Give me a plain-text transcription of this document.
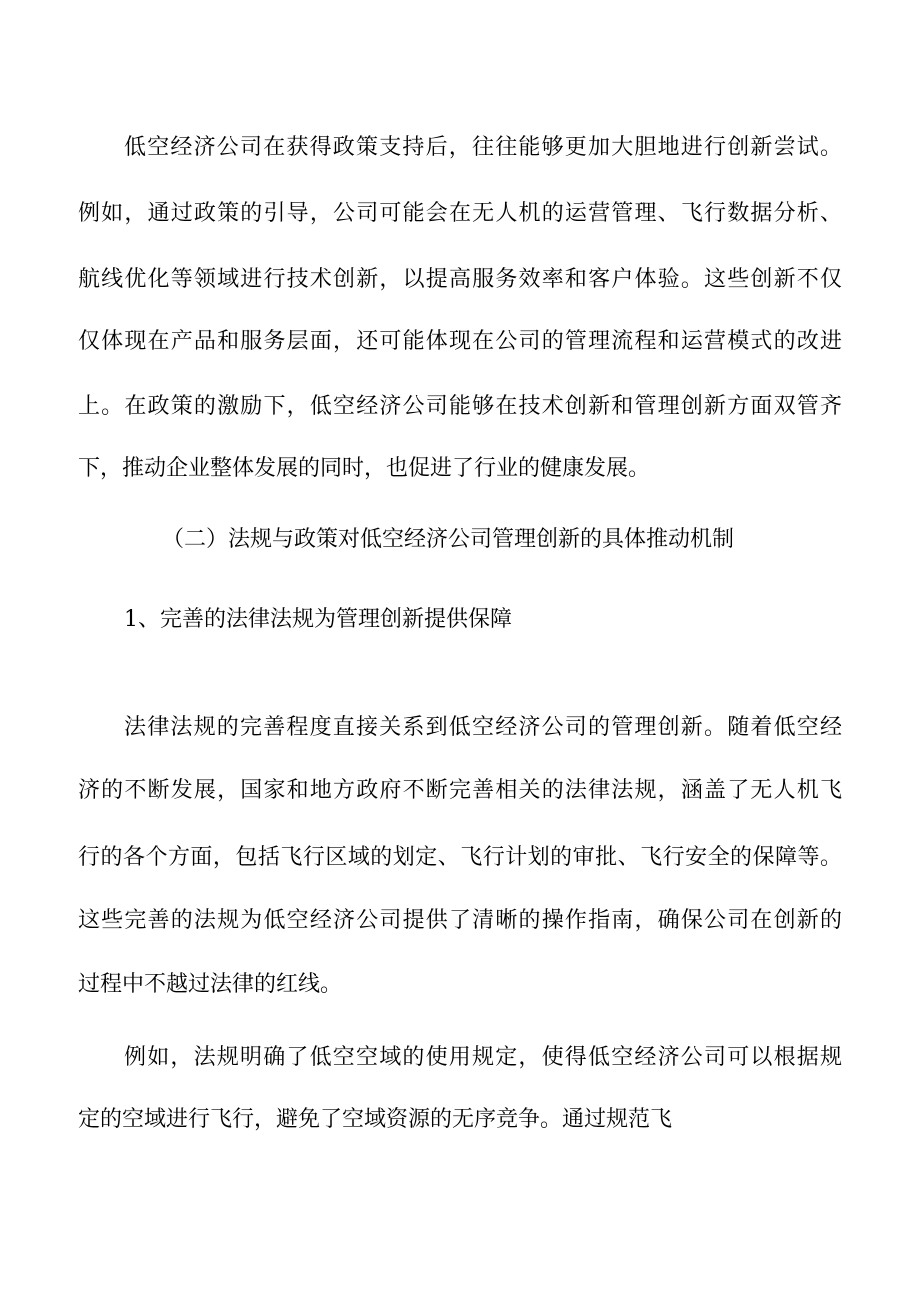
低空经济公司在获得政策支持后，往往能够更加大胆地进行创新尝试。
例如，通过政策的引导，公司可能会在无人机的运营管理、飞行数据分析、
航线优化等领域进行技术创新，以提高服务效率和客户体验。这些创新不仅
仅体现在产品和服务层面，还可能体现在公司的管理流程和运营模式的改进
上。在政策的激励下，低空经济公司能够在技术创新和管理创新方面双管齐
下，推动企业整体发展的同时，也促进了行业的健康发展。
（二）法规与政策对低空经济公司管理创新的具体推动机制
1、完善的法律法规为管理创新提供保障
法律法规的完善程度直接关系到低空经济公司的管理创新。随着低空经
济的不断发展，国家和地方政府不断完善相关的法律法规，涵盖了无人机飞
行的各个方面，包括飞行区域的划定、飞行计划的审批、飞行安全的保障等。
这些完善的法规为低空经济公司提供了清晰的操作指南，确保公司在创新的
过程中不越过法律的红线。
例如，法规明确了低空空域的使用规定，使得低空经济公司可以根据规
定的空域进行飞行，避免了空域资源的无序竞争。通过规范飞
